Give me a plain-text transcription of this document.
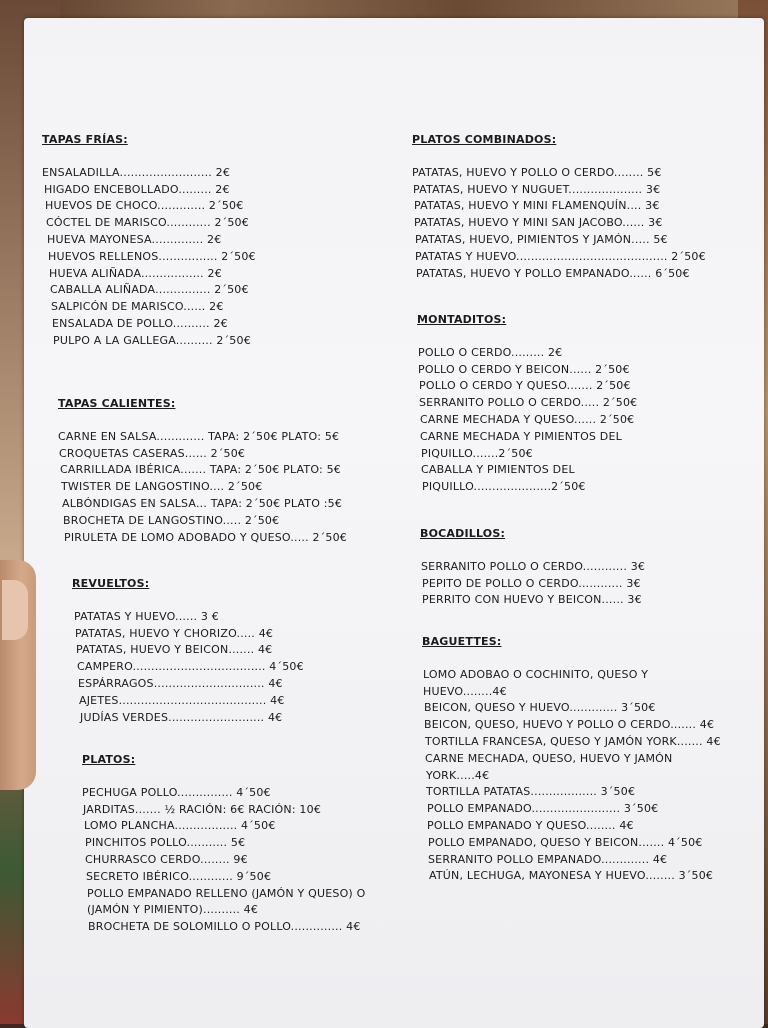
TAPAS FRÍAS:
ENSALADILLA......................... 2€
HIGADO ENCEBOLLADO......... 2€
HUEVOS DE CHOCO............. 2´50€
CÓCTEL DE MARISCO............ 2´50€
HUEVA MAYONESA.............. 2€
HUEVOS RELLENOS................ 2´50€
HUEVA ALIÑADA................. 2€
CABALLA ALIÑADA............... 2´50€
SALPICÓN DE MARISCO...... 2€
ENSALADA DE POLLO.......... 2€
PULPO A LA GALLEGA.......... 2´50€
TAPAS CALIENTES:
CARNE EN SALSA............. TAPA: 2´50€ PLATO: 5€
CROQUETAS CASERAS...... 2´50€
CARRILLADA IBÉRICA....... TAPA: 2´50€ PLATO: 5€
TWISTER DE LANGOSTINO.... 2´50€
ALBÓNDIGAS EN SALSA... TAPA: 2´50€ PLATO :5€
BROCHETA DE LANGOSTINO..... 2´50€
PIRULETA DE LOMO ADOBADO Y QUESO..... 2´50€
REVUELTOS:
PATATAS Y HUEVO...... 3 €
PATATAS, HUEVO Y CHORIZO..... 4€
PATATAS, HUEVO Y BEICON....... 4€
CAMPERO.................................... 4´50€
ESPÁRRAGOS.............................. 4€
AJETES........................................ 4€
JUDÍAS VERDES.......................... 4€
PLATOS:
PECHUGA POLLO............... 4´50€
JARDITAS....... ½ RACIÓN: 6€ RACIÓN: 10€
LOMO PLANCHA................. 4´50€
PINCHITOS POLLO........... 5€
CHURRASCO CERDO........ 9€
SECRETO IBÉRICO............ 9´50€
POLLO EMPANADO RELLENO (JAMÓN Y QUESO) O
(JAMÓN Y PIMIENTO).......... 4€
BROCHETA DE SOLOMILLO O POLLO.............. 4€
PLATOS COMBINADOS:
PATATAS, HUEVO Y POLLO O CERDO........ 5€
PATATAS, HUEVO Y NUGUET.................... 3€
PATATAS, HUEVO Y MINI FLAMENQUÍN.... 3€
PATATAS, HUEVO Y MINI SAN JACOBO...... 3€
PATATAS, HUEVO, PIMIENTOS Y JAMÓN..... 5€
PATATAS Y HUEVO......................................... 2´50€
PATATAS, HUEVO Y POLLO EMPANADO...... 6´50€
MONTADITOS:
POLLO O CERDO......... 2€
POLLO O CERDO Y BEICON...... 2´50€
POLLO O CERDO Y QUESO....... 2´50€
SERRANITO POLLO O CERDO..... 2´50€
CARNE MECHADA Y QUESO...... 2´50€
CARNE MECHADA Y PIMIENTOS DEL
PIQUILLO.......2´50€
CABALLA Y PIMIENTOS DEL
PIQUILLO.....................2´50€
BOCADILLOS:
SERRANITO POLLO O CERDO............ 3€
PEPITO DE POLLO O CERDO............ 3€
PERRITO CON HUEVO Y BEICON...... 3€
BAGUETTES:
LOMO ADOBAO O COCHINITO, QUESO Y
HUEVO........4€
BEICON, QUESO Y HUEVO............. 3´50€
BEICON, QUESO, HUEVO Y POLLO O CERDO....... 4€
TORTILLA FRANCESA, QUESO Y JAMÓN YORK....... 4€
CARNE MECHADA, QUESO, HUEVO Y JAMÓN
YORK.....4€
TORTILLA PATATAS.................. 3´50€
POLLO EMPANADO........................ 3´50€
POLLO EMPANADO Y QUESO........ 4€
POLLO EMPANADO, QUESO Y BEICON....... 4´50€
SERRANITO POLLO EMPANADO............. 4€
ATÚN, LECHUGA, MAYONESA Y HUEVO........ 3´50€
